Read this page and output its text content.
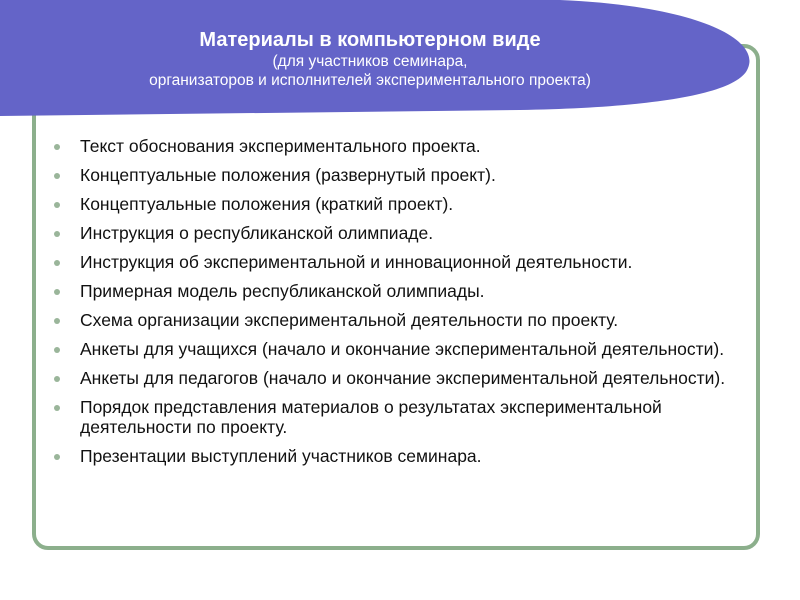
Материалы в компьютерном виде
(для участников семинара,
организаторов и исполнителей экспериментального проекта)
Текст обоснования экспериментального проекта.
Концептуальные положения (развернутый проект).
Концептуальные положения (краткий проект).
Инструкция о республиканской олимпиаде.
Инструкция об экспериментальной и инновационной деятельности.
Примерная модель республиканской олимпиады.
Схема организации экспериментальной деятельности по проекту.
Анкеты для учащихся (начало и окончание экспериментальной деятельности).
Анкеты для педагогов (начало и окончание экспериментальной деятельности).
Порядок представления материалов о результатах экспериментальной деятельности по проекту.
Презентации выступлений участников семинара.
